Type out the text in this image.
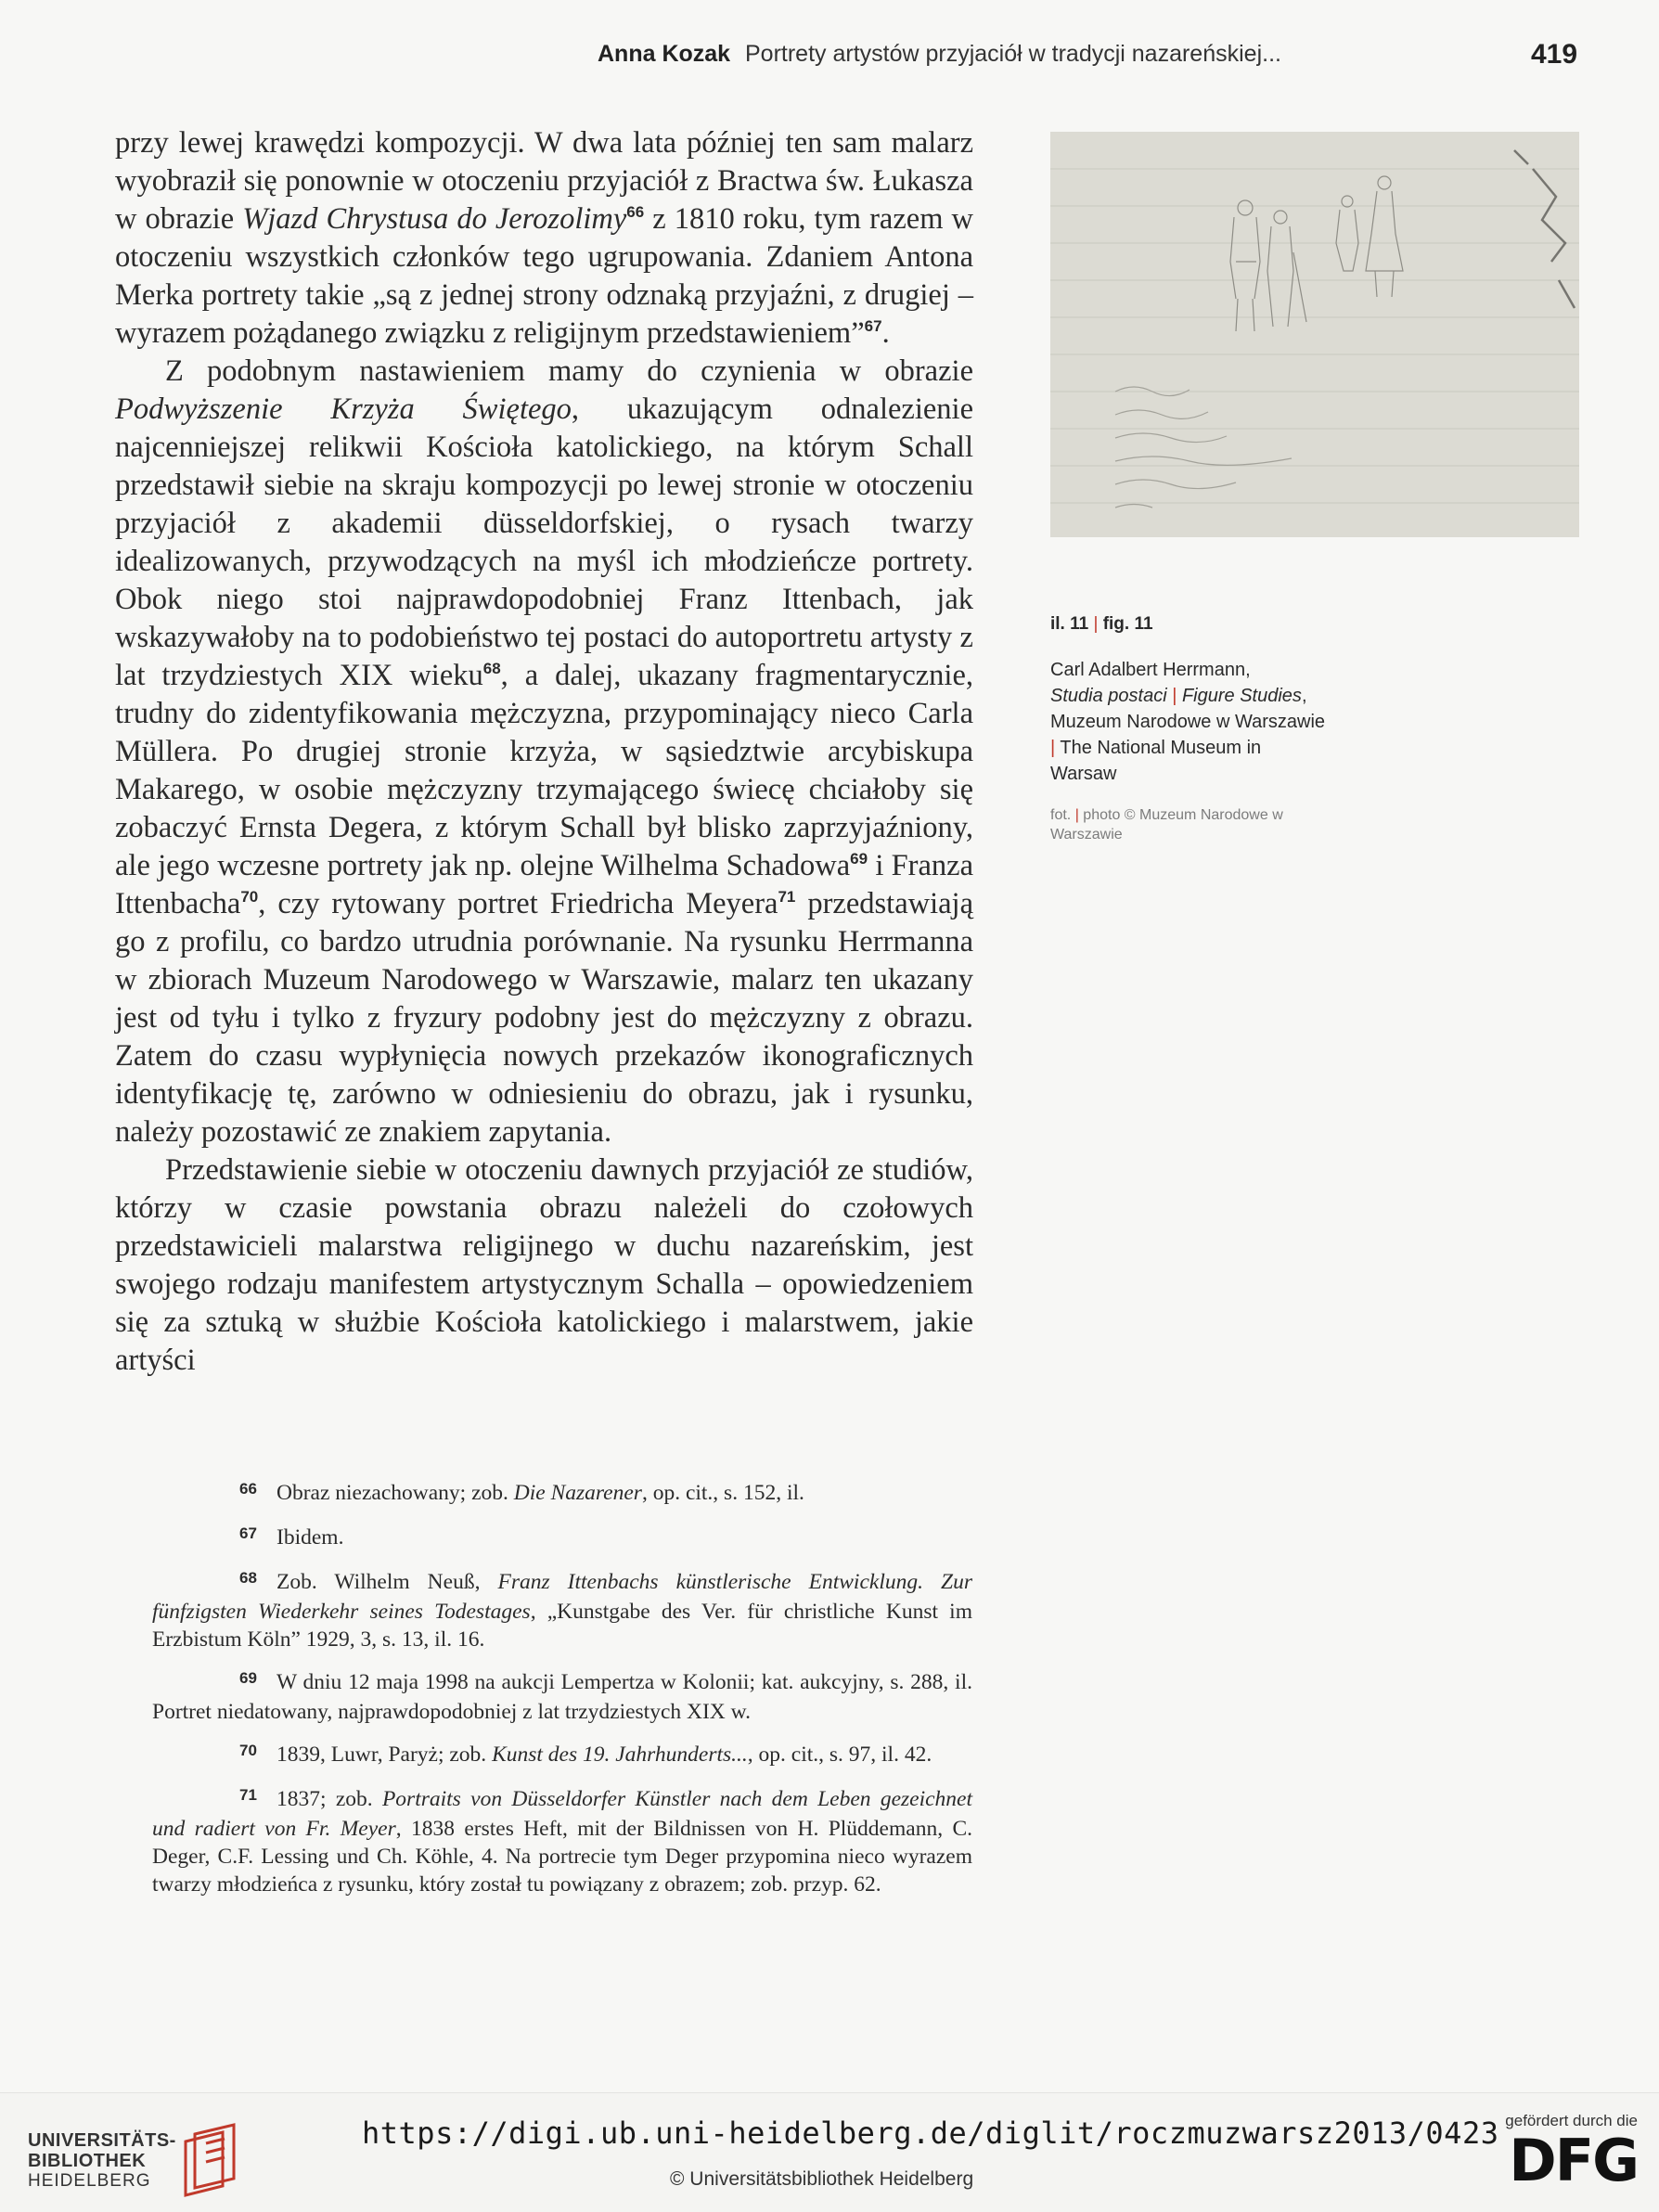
Anna Kozak Portrety artystów przyjaciół w tradycji nazareńskiej...	419

przy lewej krawędzi kompozycji. W dwa lata później ten sam malarz wyobraził się ponownie w otoczeniu przyjaciół z Bractwa św. Łukasza w obrazie Wjazd Chrystusa do Jerozolimy$^{66}$ z 1810 roku, tym razem w otoczeniu wszystkich członków tego ugrupowania. Zdaniem Antona Merka portrety takie „są z jednej strony odznaką przyjaźni, z drugiej – wyrazem pożądanego związku z religijnym przedstawieniem”$^{67}$.

Z podobnym nastawieniem mamy do czynienia w obrazie Podwyższenie Krzyża Świętego, ukazującym odnalezienie najcenniejszej relikwii Kościoła katolickiego, na którym Schall przedstawił siebie na skraju kompozycji po lewej stronie w otoczeniu przyjaciół z akademii düsseldorfskiej, o rysach twarzy idealizowanych, przywodzących na myśl ich młodzieńcze portrety. Obok niego stoi najprawdopodobniej Franz Ittenbach, jak wskazywałoby na to podobieństwo tej postaci do autoportretu artysty z lat trzydziestych XIX wieku$^{68}$, a dalej, ukazany fragmentarycznie, trudny do zidentyfikowania mężczyzna, przypominający nieco Carla Müllera. Po drugiej stronie krzyża, w sąsiedztwie arcybiskupa Makarego, w osobie mężczyzny trzymającego świecę chciałoby się zobaczyć Ernsta Degera, z którym Schall był blisko zaprzyjaźniony, ale jego wczesne portrety jak np. olejne Wilhelma Schadowa$^{69}$ i Franza Ittenbacha$^{70}$, czy rytowany portret Friedricha Meyera$^{71}$ przedstawiają go z profilu, co bardzo utrudnia porównanie. Na rysunku Herrmanna w zbiorach Muzeum Narodowego w Warszawie, malarz ten ukazany jest od tyłu i tylko z fryzury podobny jest do mężczyzny z obrazu. Zatem do czasu wypłynięcia nowych przekazów ikonograficznych identyfikację tę, zarówno w odniesieniu do obrazu, jak i rysunku, należy pozostawić ze znakiem zapytania.

Przedstawienie siebie w otoczeniu dawnych przyjaciół ze studiów, którzy w czasie powstania obrazu należeli do czołowych przedstawicieli malarstwa religijnego w duchu nazareńskim, jest swojego rodzaju manifestem artystycznym Schalla – opowiedzeniem się za sztuką w służbie Kościoła katolickiego i malarstwem, jakie artyści

il. 11 | fig. 11
Carl Adalbert Herrmann,
Studia postaci | Figure Studies, Muzeum Narodowe w Warszawie
| The National Museum in Warsaw
fot. | photo © Muzeum Narodowe w Warszawie
66 Obraz niezachowany; zob. Die Nazarener, op. cit., s. 152, il.
67 Ibidem.
68 Zob. Wilhelm Neuß, Franz Ittenbachs künstlerische Entwicklung. Zur fünfzigsten Wiederkehr seines Todestages, „Kunstgabe des Ver. für christliche Kunst im Erzbistum Köln” 1929, 3, s. 13, il. 16.
69 W dniu 12 maja 1998 na aukcji Lempertza w Kolonii; kat. aukcyjny, s. 288, il. Portret niedatowany, najprawdopodobniej z lat trzydziestych XIX w.
70 1839, Luwr, Paryż; zob. Kunst des 19. Jahrhunderts..., op. cit., s. 97, il. 42.
71 1837; zob. Portraits von Düsseldorfer Künstler nach dem Leben gezeichnet und radiert von Fr. Meyer, 1838 erstes Heft, mit der Bildnissen von H. Plüddemann, C. Deger, C.F. Lessing und Ch. Köhle, 4. Na portrecie tym Deger przypomina nieco wyrazem twarzy młodzieńca z rysunku, który został tu powiązany z obrazem; zob. przyp. 62.
UNIVERSITÄTS-
BIBLIOTHEK
HEIDELBERG
https://digi.ub.uni-heidelberg.de/diglit/roczmuzwarsz2013/0423
© Universitätsbibliothek Heidelberg
gefördert durch die
DFG
